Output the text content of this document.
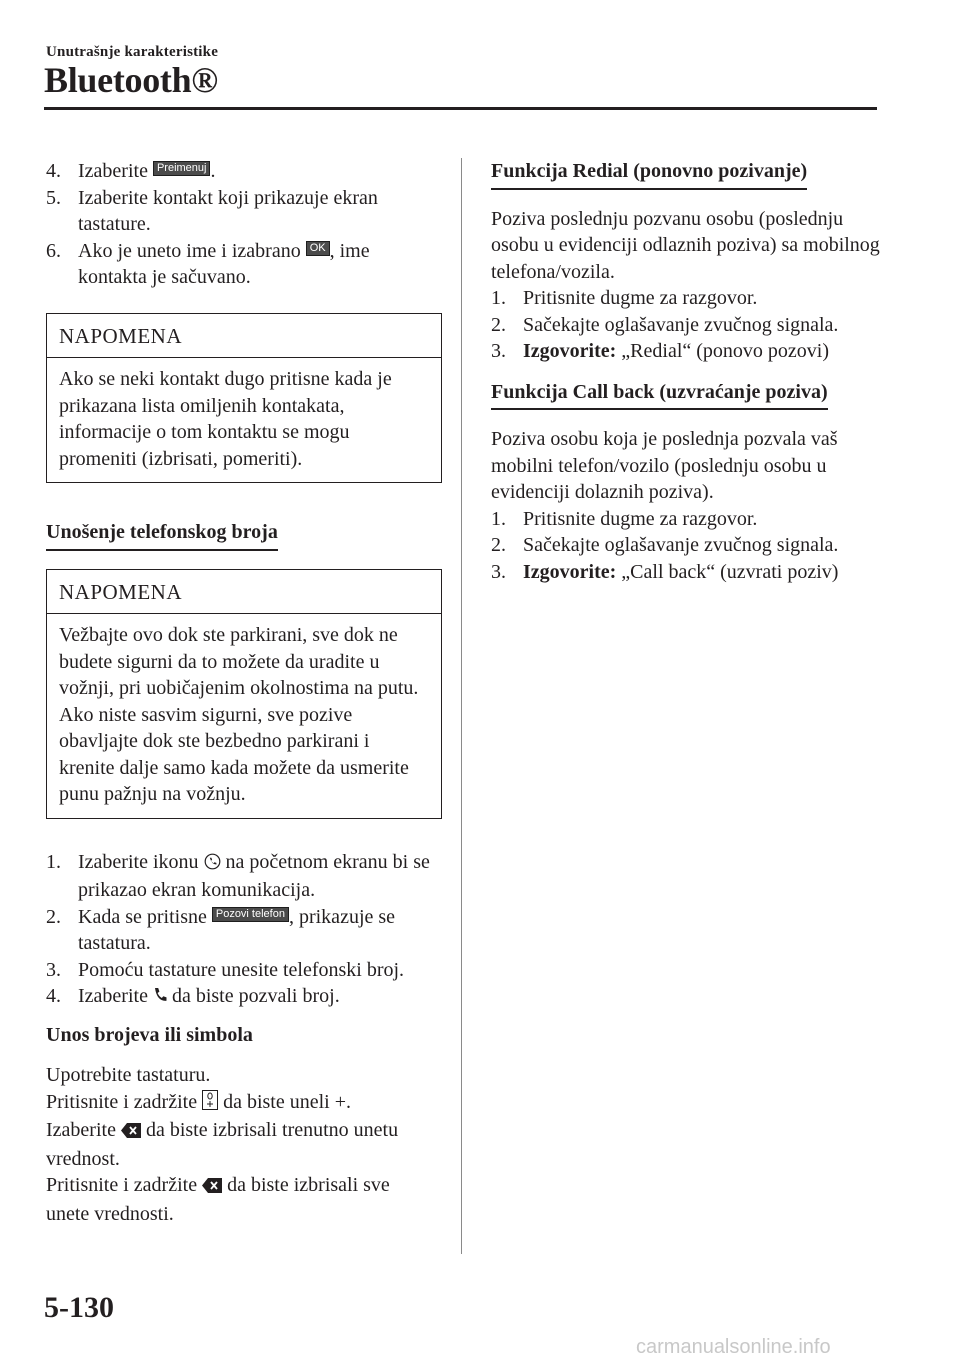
Unutrašnje karakteristike
Bluetooth®
4. Izaberite Preimenuj .
5. Izaberite kontakt koji prikazuje ekran tastature.
6. Ako je uneto ime i izabrano OK , ime kontakta je sačuvano.
NAPOMENA
Ako se neki kontakt dugo pritisne kada je prikazana lista omiljenih kontakata, informacije o tom kontaktu se mogu promeniti (izbrisati, pomeriti).
Unošenje telefonskog broja
NAPOMENA
Vežbajte ovo dok ste parkirani, sve dok ne budete sigurni da to možete da uradite u vožnji, pri uobičajenim okolnostima na putu. Ako niste sasvim sigurni, sve pozive obavljajte dok ste bezbedno parkirani i krenite dalje samo kada možete da usmerite punu pažnju na vožnju.
1. Izaberite ikonu na početnom ekranu bi se prikazao ekran komunikacija.
2. Kada se pritisne Pozovi telefon , prikazuje se tastatura.
3. Pomoću tastature unesite telefonski broj.
4. Izaberite da biste pozvali broj.
Unos brojeva ili simbola
Upotrebite tastaturu.
Pritisnite i zadržite da biste uneli +.
Izaberite da biste izbrisali trenutno unetu vrednost.
Pritisnite i zadržite da biste izbrisali sve unete vrednosti.
Funkcija Redial (ponovno pozivanje)
Poziva poslednju pozvanu osobu (poslednju osobu u evidenciji odlaznih poziva) sa mobilnog telefona/vozila.
1. Pritisnite dugme za razgovor.
2. Sačekajte oglašavanje zvučnog signala.
3. Izgovorite: „Redial“ (ponovo pozovi)
Funkcija Call back (uzvraćanje poziva)
Poziva osobu koja je poslednja pozvala vaš mobilni telefon/vozilo (poslednju osobu u evidenciji dolaznih poziva).
1. Pritisnite dugme za razgovor.
2. Sačekajte oglašavanje zvučnog signala.
3. Izgovorite: „Call back“ (uzvrati poziv)
5-130
carmanualsonline.info
